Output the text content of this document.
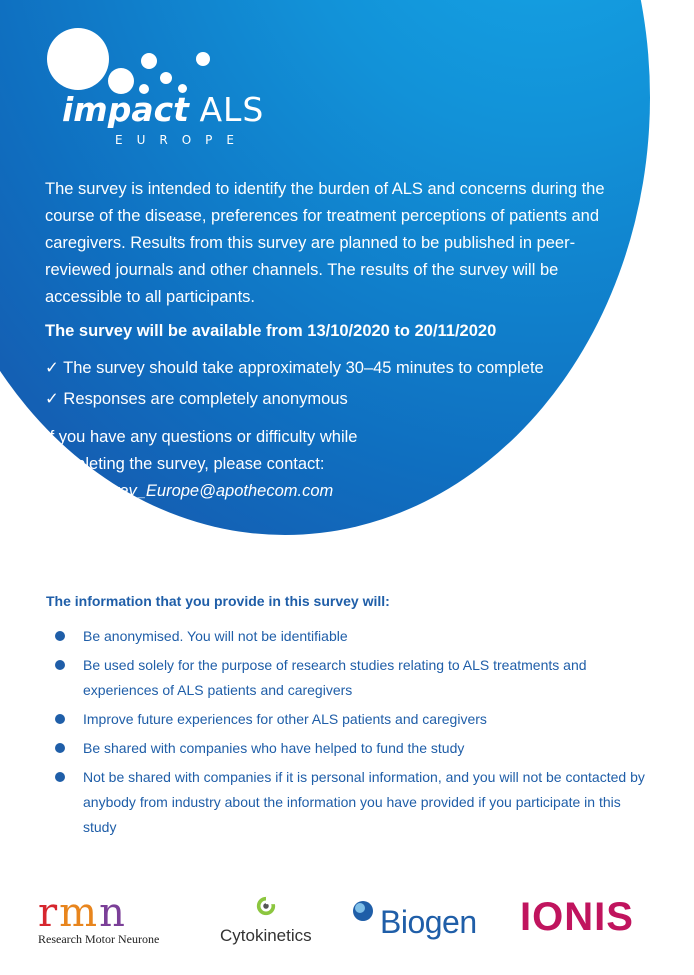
impact ALS
EUROPE
The survey is intended to identify the burden of ALS and concerns during the course of the disease, preferences for treatment perceptions of patients and caregivers. Results from this survey are planned to be published in peer-reviewed journals and other channels. The results of the survey will be accessible to all participants.
The survey will be available from 13/10/2020 to 20/11/2020
✓ The survey should take approximately 30–45 minutes to complete
✓ Responses are completely anonymous
If you have any questions or difficulty while
completing the survey, please contact:
ALS_Survey_Europe@apothecom.com
The information that you provide in this survey will:
Be anonymised. You will not be identifiable
Be used solely for the purpose of research studies relating to ALS treatments and experiences of ALS patients and caregivers
Improve future experiences for other ALS patients and caregivers
Be shared with companies who have helped to fund the study
Not be shared with companies if it is personal information, and you will not be contacted by anybody from industry about the information you have provided if you participate in this study
rmn
Research Motor Neurone	Cytokinetics Biogen IONIS
